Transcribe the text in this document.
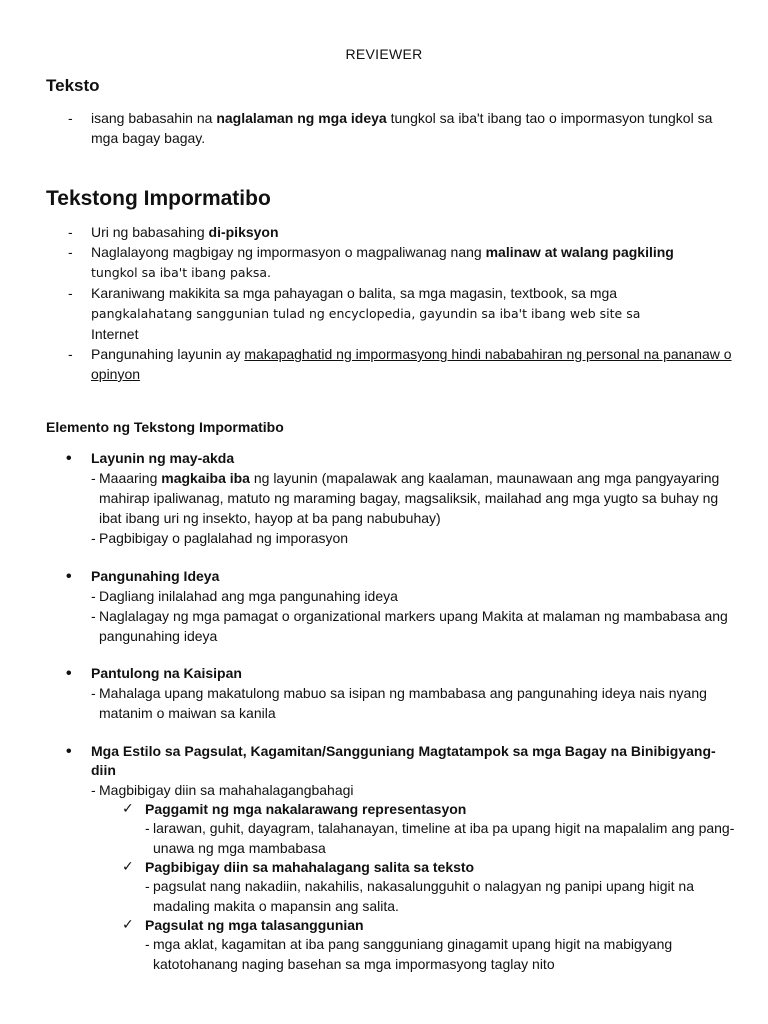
REVIEWER
Teksto
- isang babasahin na naglalaman ng mga ideya tungkol sa iba't ibang tao o impormasyon tungkol sa mga bagay bagay.
Tekstong Impormatibo
- Uri ng babasahing di-piksyon
- Naglalayong magbigay ng impormasyon o magpaliwanag nang malinaw at walang pagkiling
tungkol sa iba't ibang paksa.
- Karaniwang makikita sa mga pahayagan o balita, sa mga magasin, textbook, sa mga
pangkalahatang sanggunian tulad ng encyclopedia, gayundin sa iba't ibang web site sa
Internet
- Pangunahing layunin ay makapaghatid ng impormasyong hindi nababahiran ng personal na pananaw o opinyon
Elemento ng Tekstong Impormatibo
• Layunin ng may-akda
- Maaaring magkaiba iba ng layunin (mapalawak ang kaalaman, maunawaan ang mga pangyayaring mahirap ipaliwanag, matuto ng maraming bagay, magsaliksik, mailahad ang mga yugto sa buhay ng ibat ibang uri ng insekto, hayop at ba pang nabubuhay)
- Pagbibigay o paglalahad ng imporasyon
• Pangunahing Ideya
- Dagliang inilalahad ang mga pangunahing ideya
- Naglalagay ng mga pamagat o organizational markers upang Makita at malaman ng mambabasa ang pangunahing ideya
• Pantulong na Kaisipan
- Mahalaga upang makatulong mabuo sa isipan ng mambabasa ang pangunahing ideya nais nyang matanim o maiwan sa kanila
• Mga Estilo sa Pagsulat, Kagamitan/Sangguniang Magtatampok sa mga Bagay na Binibigyang-diin
- Magbibigay diin sa mahahalagangbahagi
✓ Paggamit ng mga nakalarawang representasyon
- larawan, guhit, dayagram, talahanayan, timeline at iba pa upang higit na mapalalim ang pang-unawa ng mga mambabasa
✓ Pagbibigay diin sa mahahalagang salita sa teksto
- pagsulat nang nakadiin, nakahilis, nakasalungguhit o nalagyan ng panipi upang higit na madaling makita o mapansin ang salita.
✓ Pagsulat ng mga talasanggunian
- mga aklat, kagamitan at iba pang sangguniang ginagamit upang higit na mabigyang katotohanang naging basehan sa mga impormasyong taglay nito
